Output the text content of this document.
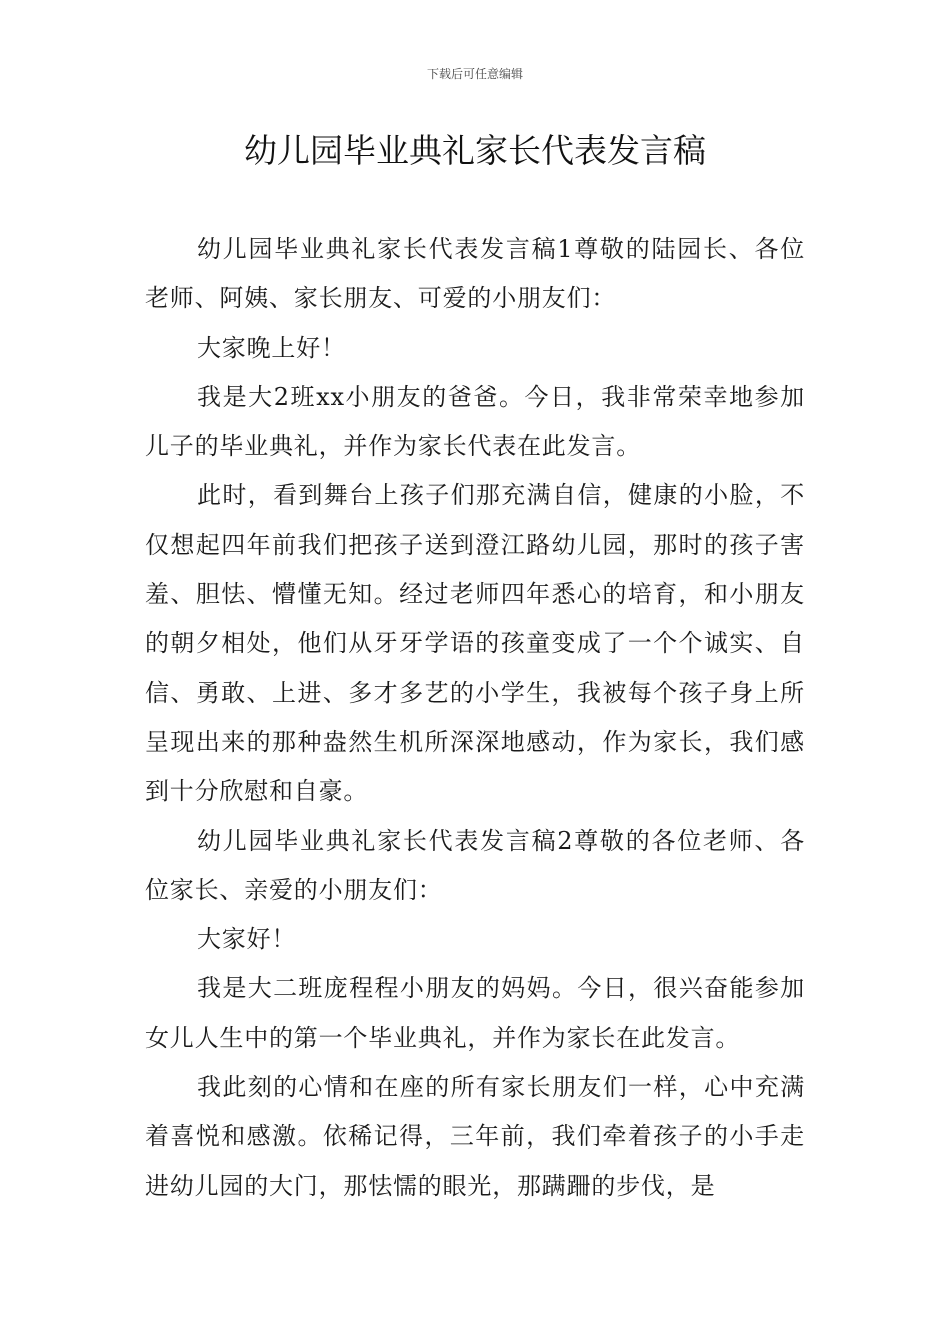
下载后可任意编辑
幼儿园毕业典礼家长代表发言稿

幼儿园毕业典礼家长代表发言稿1尊敬的陆园长、各位老师、阿姨、家长朋友、可爱的小朋友们：

大家晚上好！

我是大2班xx小朋友的爸爸。今日，我非常荣幸地参加儿子的毕业典礼，并作为家长代表在此发言。

此时，看到舞台上孩子们那充满自信，健康的小脸，不仅想起四年前我们把孩子送到澄江路幼儿园，那时的孩子害羞、胆怯、懵懂无知。经过老师四年悉心的培育，和小朋友的朝夕相处，他们从牙牙学语的孩童变成了一个个诚实、自信、勇敢、上进、多才多艺的小学生，我被每个孩子身上所呈现出来的那种盎然生机所深深地感动，作为家长，我们感到十分欣慰和自豪。

幼儿园毕业典礼家长代表发言稿2尊敬的各位老师、各位家长、亲爱的小朋友们：

大家好！

我是大二班庞程程小朋友的妈妈。今日，很兴奋能参加女儿人生中的第一个毕业典礼，并作为家长在此发言。

我此刻的心情和在座的所有家长朋友们一样，心中充满着喜悦和感激。依稀记得，三年前，我们牵着孩子的小手走进幼儿园的大门，那怯懦的眼光，那蹒跚的步伐，是
